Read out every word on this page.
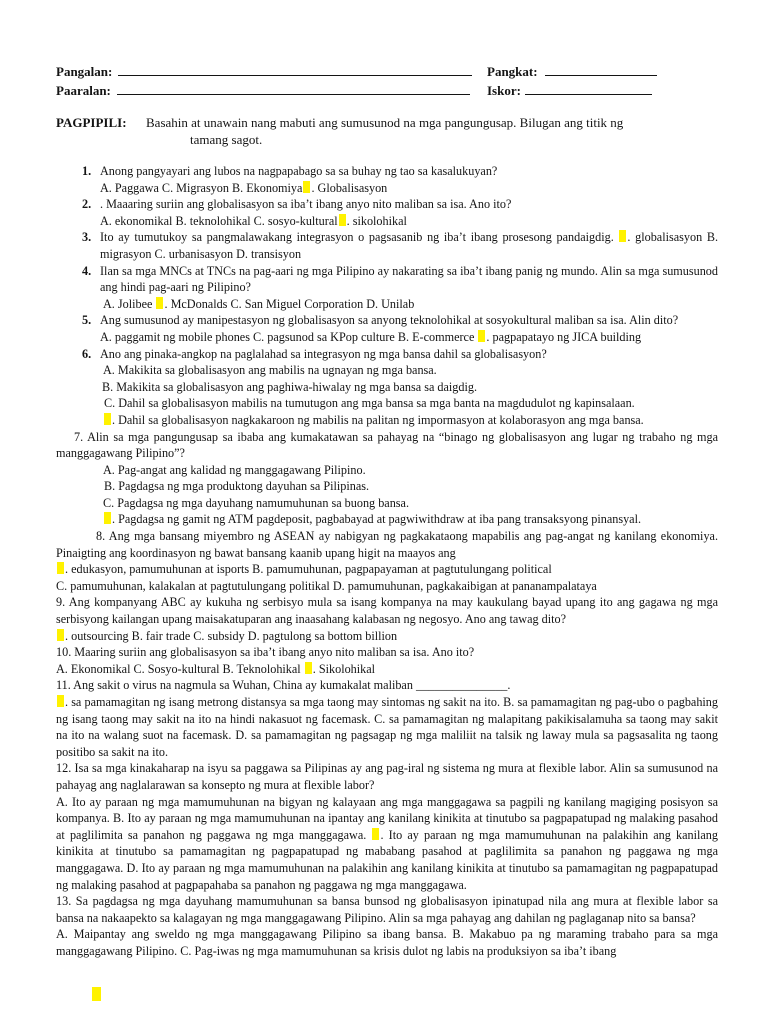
Pangalan:	Pangkat:
Paaralan:	Iskor:
PAGPIPILI:	Basahin at unawain nang mabuti ang sumusunod na mga pangungusap. Bilugan ang titik ng
tamang sagot.
1. Anong pangyayari ang lubos na nagpapabago sa sa buhay ng tao sa kasalukuyan?
A. Paggawa C. Migrasyon B. Ekonomiya . Globalisasyon
2. . Maaaring suriin ang globalisasyon sa iba’t ibang anyo nito maliban sa isa. Ano ito?
A. ekonomikal B. teknolohikal C. sosyo-kultural . sikolohikal
3. Ito ay tumutukoy sa pangmalawakang integrasyon o pagsasanib ng iba’t ibang prosesong pandaigdig. . globalisasyon B. migrasyon C. urbanisasyon D. transisyon
4. Ilan sa mga MNCs at TNCs na pag-aari ng mga Pilipino ay nakarating sa iba’t ibang panig ng mundo. Alin sa mga sumusunod ang hindi pag-aari ng Pilipino?
A. Jolibee . McDonalds C. San Miguel Corporation D. Unilab
5. Ang sumusunod ay manipestasyon ng globalisasyon sa anyong teknolohikal at sosyokultural maliban sa isa. Alin dito?
A. paggamit ng mobile phones C. pagsunod sa KPop culture B. E-commerce . pagpapatayo ng JICA building
6. Ano ang pinaka-angkop na paglalahad sa integrasyon ng mga bansa dahil sa globalisasyon?
A. Makikita sa globalisasyon ang mabilis na ugnayan ng mga bansa.
B. Makikita sa globalisasyon ang paghiwa-hiwalay ng mga bansa sa daigdig.
C. Dahil sa globalisasyon mabilis na tumutugon ang mga bansa sa mga banta na magdudulot ng kapinsalaan.
. Dahil sa globalisasyon nagkakaroon ng mabilis na palitan ng impormasyon at kolaborasyon ang mga bansa.
7. Alin sa mga pangungusap sa ibaba ang kumakatawan sa pahayag na “binago ng globalisasyon ang lugar ng trabaho ng mga manggagawang Pilipino”?
A. Pag-angat ang kalidad ng manggagawang Pilipino.
B. Pagdagsa ng mga produktong dayuhan sa Pilipinas.
C. Pagdagsa ng mga dayuhang namumuhunan sa buong bansa.
. Pagdagsa ng gamit ng ATM pagdeposit, pagbabayad at pagwiwithdraw at iba pang transaksyong pinansyal.
8. Ang mga bansang miyembro ng ASEAN ay nabigyan ng pagkakataong mapabilis ang pag-angat ng kanilang ekonomiya. Pinaigting ang koordinasyon ng bawat bansang kaanib upang higit na maayos ang
. edukasyon, pamumuhunan at isports B. pamumuhunan, pagpapayaman at pagtutulungang political
C. pamumuhunan, kalakalan at pagtutulungang politikal D. pamumuhunan, pagkakaibigan at pananampalataya
9. Ang kompanyang ABC ay kukuha ng serbisyo mula sa isang kompanya na may kaukulang bayad upang ito ang gagawa ng mga serbisyong kailangan upang maisakatuparan ang inaasahang kalabasan ng negosyo. Ano ang tawag dito?
. outsourcing B. fair trade C. subsidy D. pagtulong sa bottom billion
10. Maaring suriin ang globalisasyon sa iba’t ibang anyo nito maliban sa isa. Ano ito?
A. Ekonomikal C. Sosyo-kultural B. Teknolohikal . Sikolohikal
11. Ang sakit o virus na nagmula sa Wuhan, China ay kumakalat maliban _______________.
. sa pamamagitan ng isang metrong distansya sa mga taong may sintomas ng sakit na ito. B. sa pamamagitan ng pag-ubo o pagbahing ng isang taong may sakit na ito na hindi nakasuot ng facemask. C. sa pamamagitan ng malapitang pakikisalamuha sa taong may sakit na ito na walang suot na facemask. D. sa pamamagitan ng pagsagap ng mga maliliit na talsik ng laway mula sa pagsasalita ng taong positibo sa sakit na ito.
12. Isa sa mga kinakaharap na isyu sa paggawa sa Pilipinas ay ang pag-iral ng sistema ng mura at flexible labor. Alin sa sumusunod na pahayag ang naglalarawan sa konsepto ng mura at flexible labor?
A. Ito ay paraan ng mga mamumuhunan na bigyan ng kalayaan ang mga manggagawa sa pagpili ng kanilang magiging posisyon sa kompanya. B. Ito ay paraan ng mga mamumuhunan na ipantay ang kanilang kinikita at tinutubo sa pagpapatupad ng malaking pasahod at paglilimita sa panahon ng paggawa ng mga manggagawa. . Ito ay paraan ng mga mamumuhunan na palakihin ang kanilang kinikita at tinutubo sa pamamagitan ng pagpapatupad ng mababang pasahod at paglilimita sa panahon ng paggawa ng mga manggagawa. D. Ito ay paraan ng mga mamumuhunan na palakihin ang kanilang kinikita at tinutubo sa pamamagitan ng pagpapatupad ng malaking pasahod at pagpapahaba sa panahon ng paggawa ng mga manggagawa.
13. Sa pagdagsa ng mga dayuhang mamumuhunan sa bansa bunsod ng globalisasyon ipinatupad nila ang mura at flexible labor sa bansa na nakaapekto sa kalagayan ng mga manggagawang Pilipino. Alin sa mga pahayag ang dahilan ng paglaganap nito sa bansa?
A. Maipantay ang sweldo ng mga manggagawang Pilipino sa ibang bansa. B. Makabuo pa ng maraming trabaho para sa mga manggagawang Pilipino. C. Pag-iwas ng mga mamumuhunan sa krisis dulot ng labis na produksiyon sa iba’t ibang
